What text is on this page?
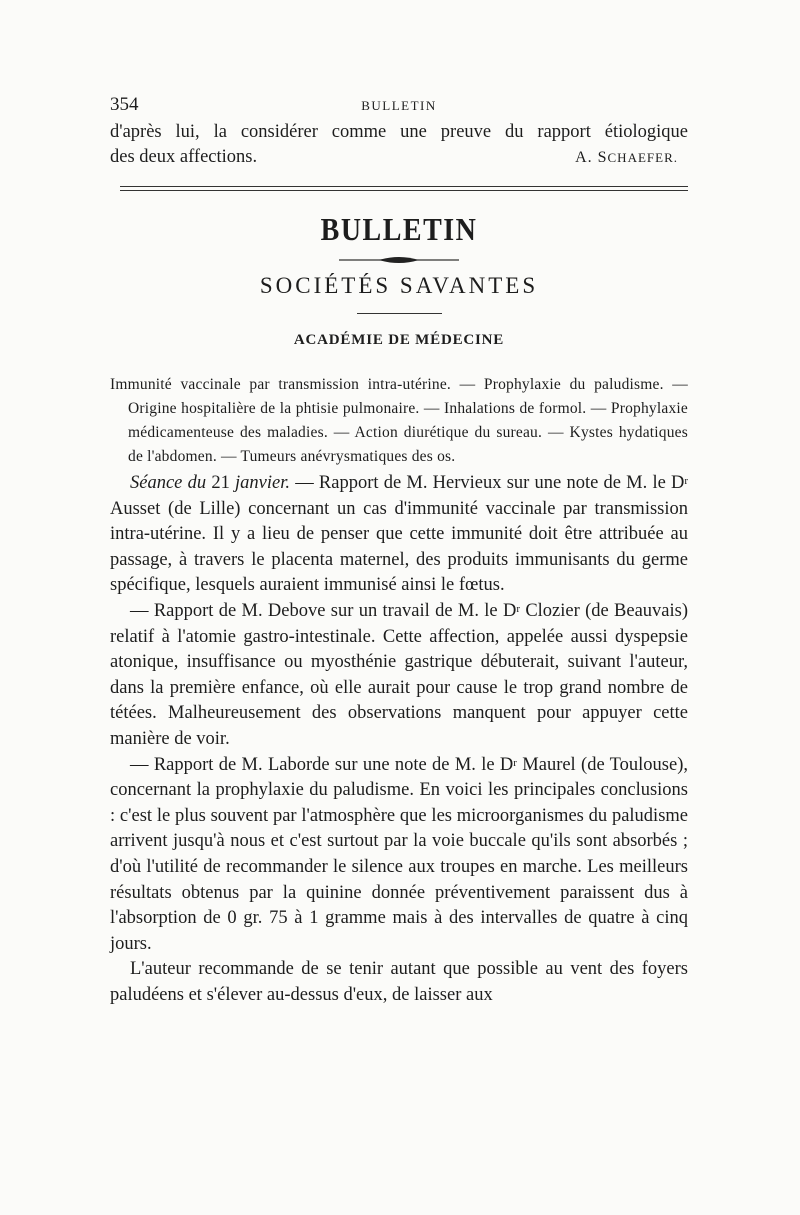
354	BULLETIN
d'après lui, la considérer comme une preuve du rapport étiologique
des deux affections.	A. SCHAEFER.
BULLETIN
SOCIÉTÉS SAVANTES
ACADÉMIE DE MÉDECINE
Immunité vaccinale par transmission intra-utérine. — Prophylaxie du paludisme. — Origine hospitalière de la phtisie pulmonaire. — Inhalations de formol. — Prophylaxie médicamenteuse des maladies. — Action diurétique du sureau. — Kystes hydatiques de l'abdomen. — Tumeurs anévrysmatiques des os.

Séance du 21 janvier. — Rapport de M. Hervieux sur une note de M. le $D^r$ Ausset (de Lille) concernant un cas d'immunité vaccinale par transmission intra-utérine. Il y a lieu de penser que cette immunité doit être attribuée au passage, à travers le placenta maternel, des produits immunisants du germe spécifique, lesquels auraient immunisé ainsi le fœtus.

— Rapport de M. Debove sur un travail de M. le $D^r$ Clozier (de Beauvais) relatif à l'atomie gastro-intestinale. Cette affection, appelée aussi dyspepsie atonique, insuffisance ou myosthénie gastrique débuterait, suivant l'auteur, dans la première enfance, où elle aurait pour cause le trop grand nombre de tétées. Malheureusement des observations manquent pour appuyer cette manière de voir.

— Rapport de M. Laborde sur une note de M. le $D^r$ Maurel (de Toulouse), concernant la prophylaxie du paludisme. En voici les principales conclusions : c'est le plus souvent par l'atmosphère que les microorganismes du paludisme arrivent jusqu'à nous et c'est surtout par la voie buccale qu'ils sont absorbés ; d'où l'utilité de recommander le silence aux troupes en marche. Les meilleurs résultats obtenus par la quinine donnée préventivement paraissent dus à l'absorption de 0 gr. 75 à 1 gramme mais à des intervalles de quatre à cinq jours.

L'auteur recommande de se tenir autant que possible au vent des foyers paludéens et s'élever au-dessus d'eux, de laisser aux
